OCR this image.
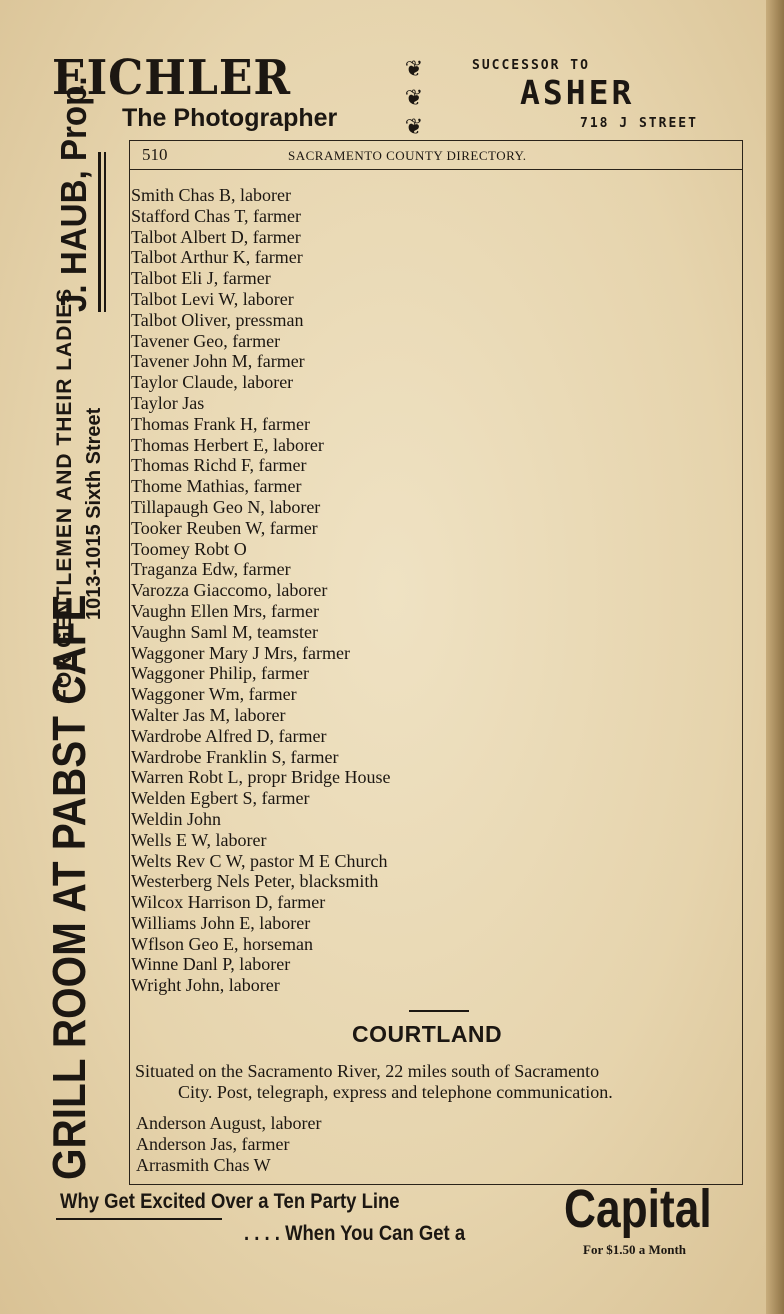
EICHLER
The Photographer
❦
❦
❦
SUCCESSOR TO
ASHER
718 J STREET
J. HAUB, Prop.
FOR GENTLEMEN AND THEIR LADIES 1013-1015 Sixth Street
GRILL ROOM AT PABST CAFE
510	SACRAMENTO COUNTY DIRECTORY.
Smith Chas B, laborer
Stafford Chas T, farmer
Talbot Albert D, farmer
Talbot Arthur K, farmer
Talbot Eli J, farmer
Talbot Levi W, laborer
Talbot Oliver, pressman
Tavener Geo, farmer
Tavener John M, farmer
Taylor Claude, laborer
Taylor Jas
Thomas Frank H, farmer
Thomas Herbert E, laborer
Thomas Richd F, farmer
Thome Mathias, farmer
Tillapaugh Geo N, laborer
Tooker Reuben W, farmer
Toomey Robt O
Traganza Edw, farmer
Varozza Giaccomo, laborer
Vaughn Ellen Mrs, farmer
Vaughn Saml M, teamster
Waggoner Mary J Mrs, farmer
Waggoner Philip, farmer
Waggoner Wm, farmer
Walter Jas M, laborer
Wardrobe Alfred D, farmer
Wardrobe Franklin S, farmer
Warren Robt L, propr Bridge House
Welden Egbert S, farmer
Weldin John
Wells E W, laborer
Welts Rev C W, pastor M E Church
Westerberg Nels Peter, blacksmith
Wilcox Harrison D, farmer
Williams John E, laborer
Wflson Geo E, horseman
Winne Danl P, laborer
Wright John, laborer
COURTLAND
Situated on the Sacramento River, 22 miles south of Sacramento
City. Post, telegraph, express and telephone communication.
Anderson August, laborer
Anderson Jas, farmer
Arrasmith Chas W
Why Get Excited Over a Ten Party Line
. . . . When You Can Get a Capital
For $1.50 a Month
